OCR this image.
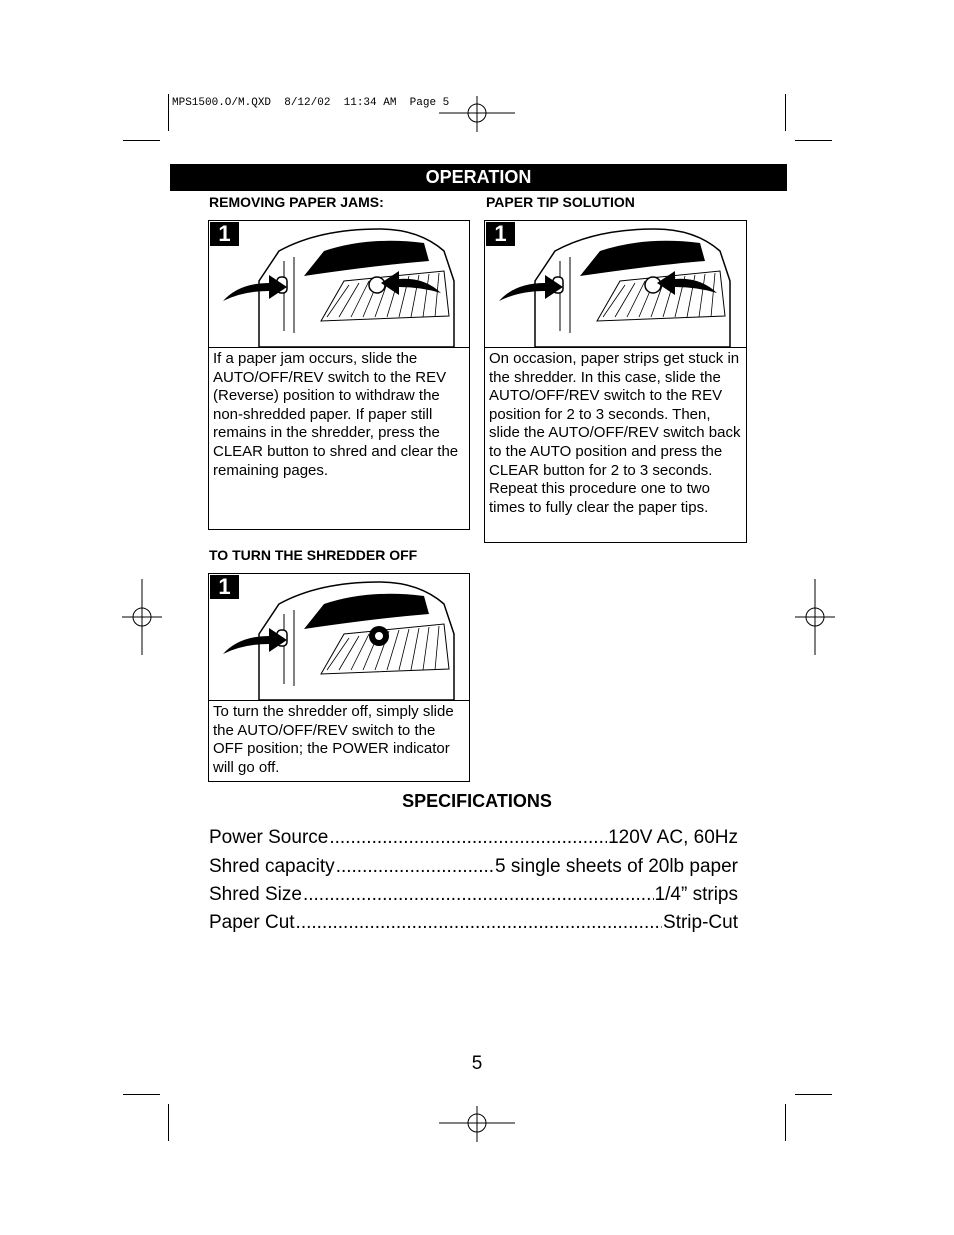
MPS1500.O/M.QXD  8/12/02  11:34 AM  Page 5
OPERATION
REMOVING PAPER JAMS:	PAPER TIP SOLUTION
TO TURN THE SHREDDER OFF
1
If a paper jam occurs, slide the AUTO/OFF/REV switch to the REV (Reverse) position to withdraw the non-shredded paper. If paper still remains in the shredder, press the CLEAR button to shred and clear the remaining pages.
1
On occasion, paper strips get stuck in the shredder. In this case, slide the AUTO/OFF/REV switch to the REV position for 2 to 3 seconds. Then, slide the AUTO/OFF/REV switch back to the AUTO position and press the CLEAR button for 2 to 3 seconds. Repeat this procedure one to two times to fully clear the paper tips.
1
To turn the shredder off, simply slide the AUTO/OFF/REV switch to the OFF position; the POWER indicator will go off.
SPECIFICATIONS
Power Source .....	120V AC, 60Hz
Shred capacity .....	5 single sheets of 20lb paper
Shred Size .....	1/4” strips
Paper Cut .....	Strip-Cut
5
